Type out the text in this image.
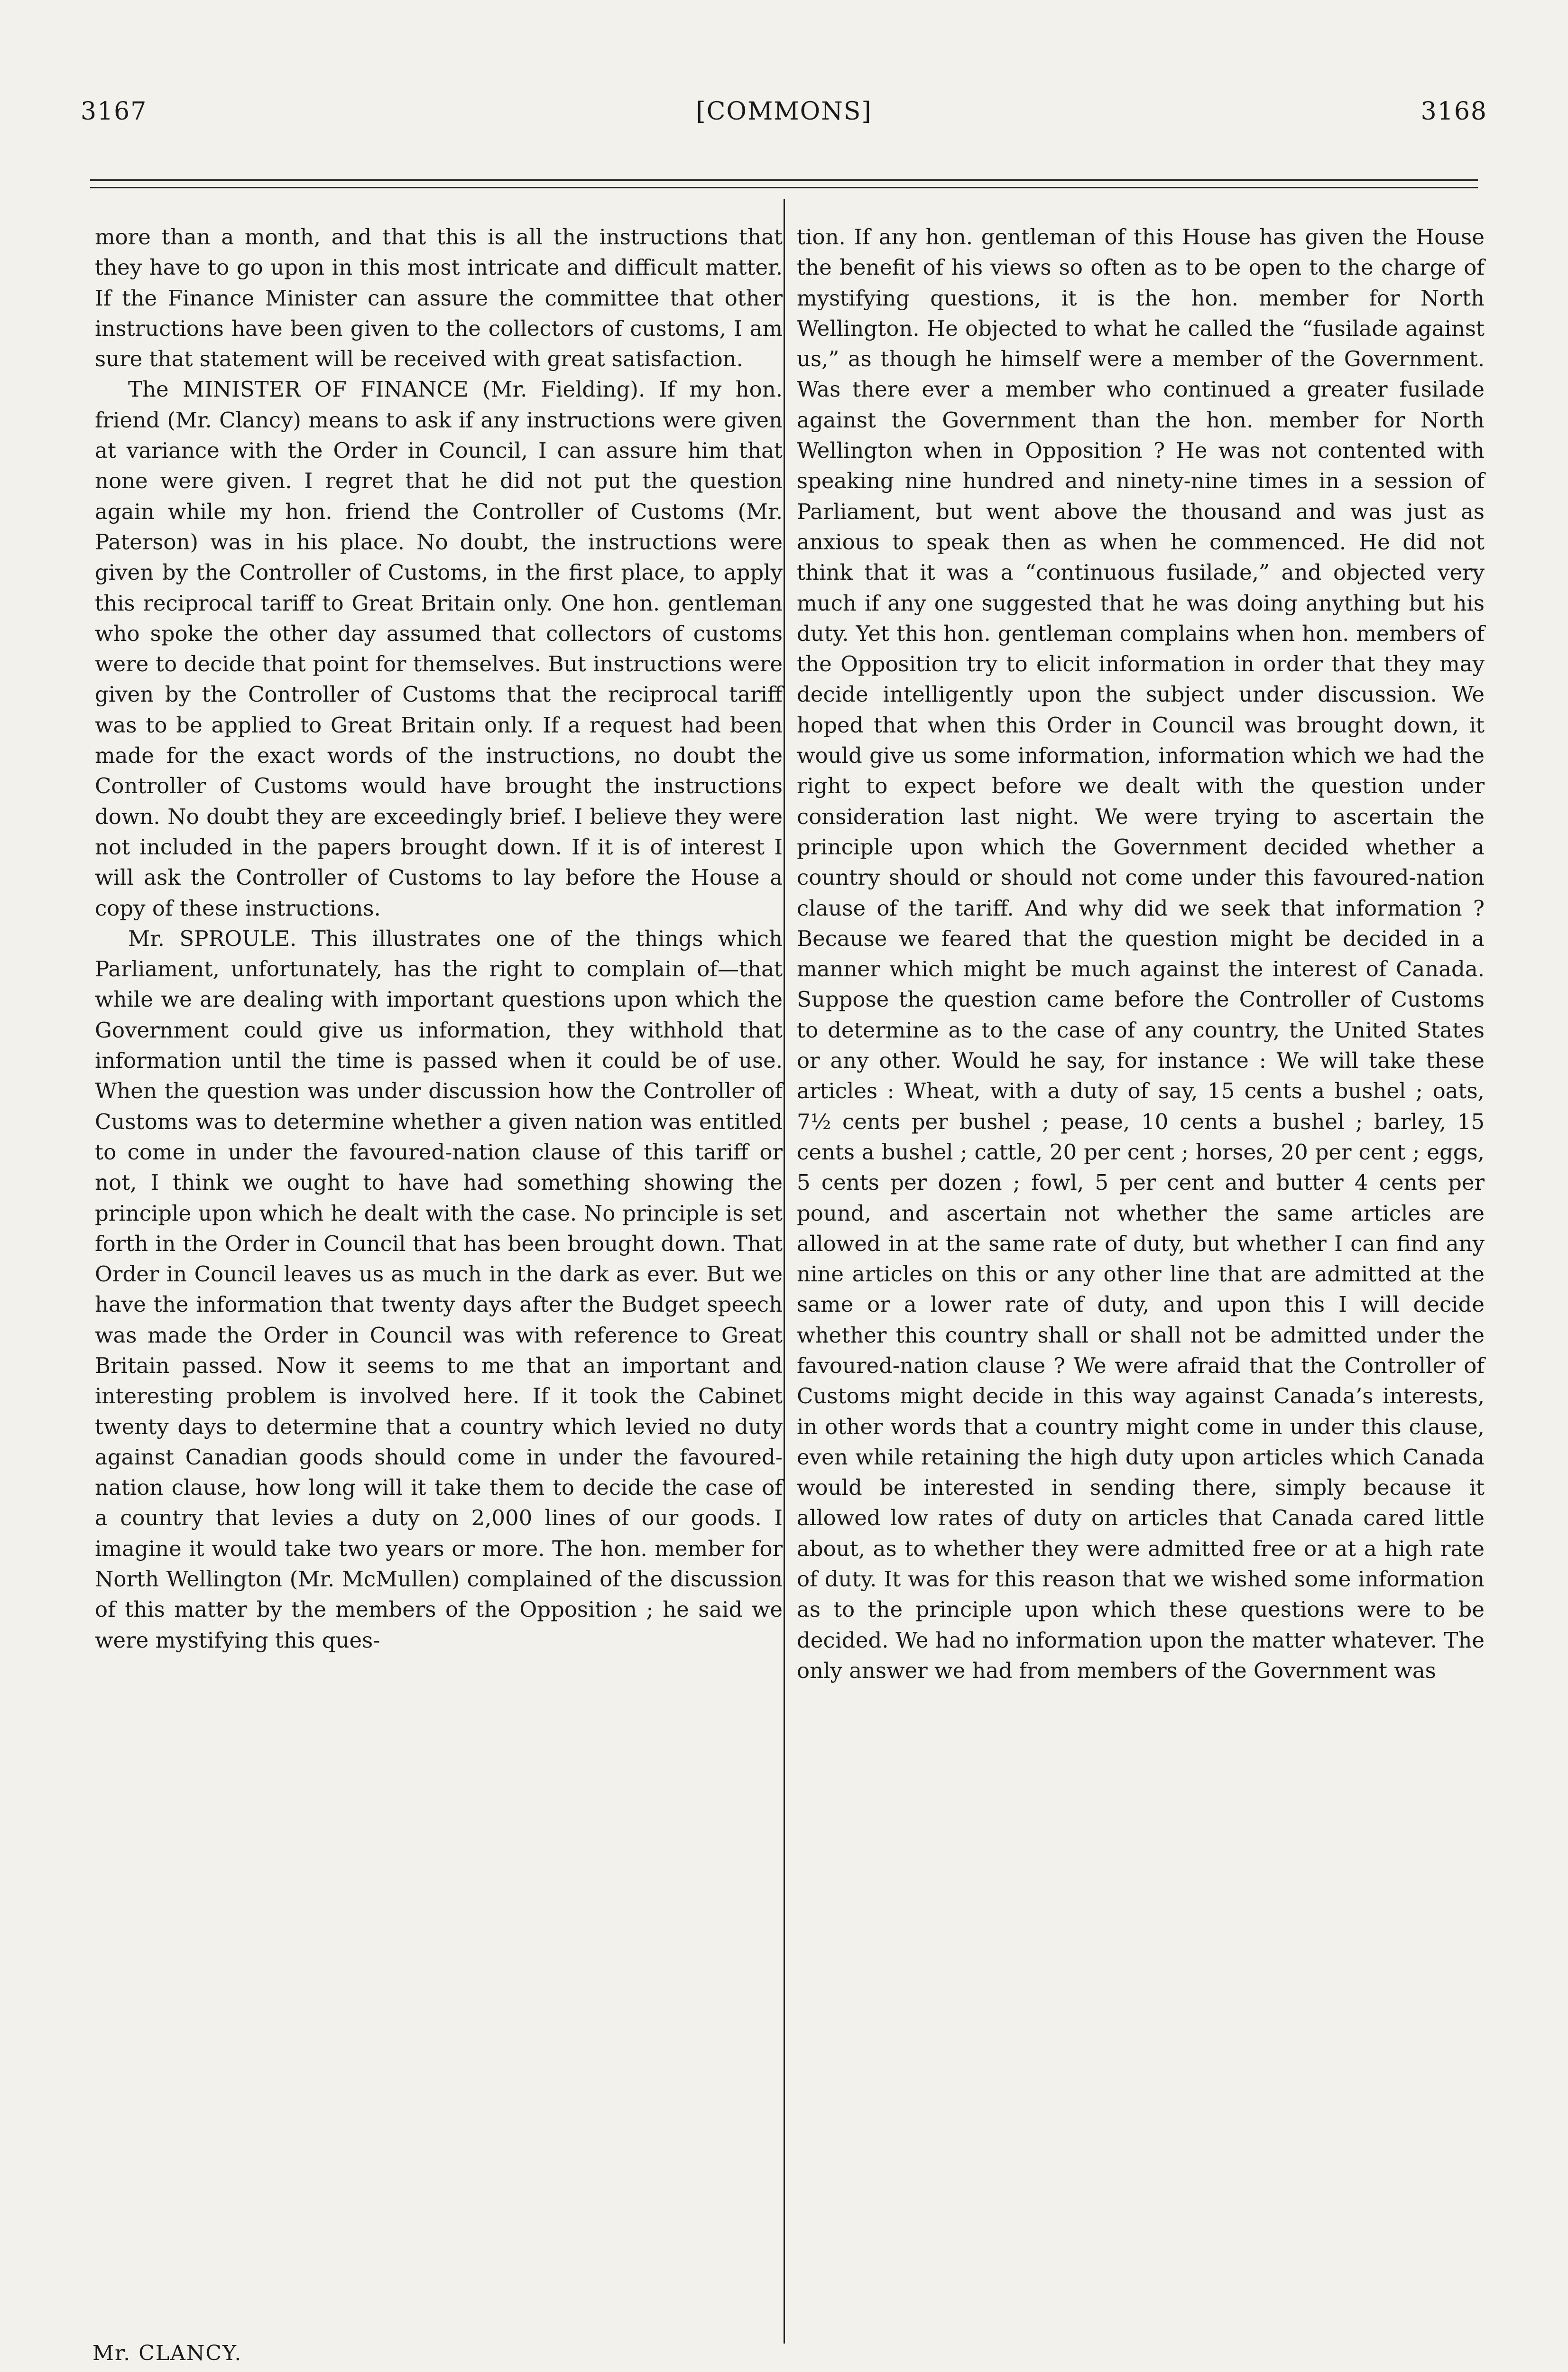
3167	[COMMONS]	3168

more than a month, and that this is all the instructions that they have to go upon in this most intricate and difficult matter. If the Finance Minister can assure the committee that other instructions have been given to the collectors of customs, I am sure that statement will be received with great satisfaction.

The MINISTER OF FINANCE (Mr. Fielding). If my hon. friend (Mr. Clancy) means to ask if any instructions were given at variance with the Order in Council, I can assure him that none were given. I regret that he did not put the question again while my hon. friend the Controller of Customs (Mr. Paterson) was in his place. No doubt, the instructions were given by the Controller of Customs, in the first place, to apply this reciprocal tariff to Great Britain only. One hon. gentleman who spoke the other day assumed that collectors of customs were to decide that point for themselves. But instructions were given by the Controller of Customs that the reciprocal tariff was to be applied to Great Britain only. If a request had been made for the exact words of the instructions, no doubt the Controller of Customs would have brought the instructions down. No doubt they are exceedingly brief. I believe they were not included in the papers brought down. If it is of interest I will ask the Controller of Customs to lay before the House a copy of these instructions.

Mr. SPROULE. This illustrates one of the things which Parliament, unfortunately, has the right to complain of—that while we are dealing with important questions upon which the Government could give us information, they withhold that information until the time is passed when it could be of use. When the question was under discussion how the Controller of Customs was to determine whether a given nation was entitled to come in under the favoured-nation clause of this tariff or not, I think we ought to have had something showing the principle upon which he dealt with the case. No principle is set forth in the Order in Council that has been brought down. That Order in Council leaves us as much in the dark as ever. But we have the information that twenty days after the Budget speech was made the Order in Council was with reference to Great Britain passed. Now it seems to me that an important and interesting problem is involved here. If it took the Cabinet twenty days to determine that a country which levied no duty against Canadian goods should come in under the favoured-nation clause, how long will it take them to decide the case of a country that levies a duty on 2,000 lines of our goods. I imagine it would take two years or more. The hon. member for North Wellington (Mr. McMullen) complained of the discussion of this matter by the members of the Opposition ; he said we were mystifying this ques-

tion. If any hon. gentleman of this House has given the House the benefit of his views so often as to be open to the charge of mystifying questions, it is the hon. member for North Wellington. He objected to what he called the “fusilade against us,” as though he himself were a member of the Government. Was there ever a member who continued a greater fusilade against the Government than the hon. member for North Wellington when in Opposition ? He was not contented with speaking nine hundred and ninety-nine times in a session of Parliament, but went above the thousand and was just as anxious to speak then as when he commenced. He did not think that it was a “continuous fusilade,” and objected very much if any one suggested that he was doing anything but his duty. Yet this hon. gentleman complains when hon. members of the Opposition try to elicit information in order that they may decide intelligently upon the subject under discussion. We hoped that when this Order in Council was brought down, it would give us some information, information which we had the right to expect before we dealt with the question under consideration last night. We were trying to ascertain the principle upon which the Government decided whether a country should or should not come under this favoured-nation clause of the tariff. And why did we seek that information ? Because we feared that the question might be decided in a manner which might be much against the interest of Canada. Suppose the question came before the Controller of Customs to determine as to the case of any country, the United States or any other. Would he say, for instance : We will take these articles : Wheat, with a duty of say, 15 cents a bushel ; oats, 7½ cents per bushel ; pease, 10 cents a bushel ; barley, 15 cents a bushel ; cattle, 20 per cent ; horses, 20 per cent ; eggs, 5 cents per dozen ; fowl, 5 per cent and butter 4 cents per pound, and ascertain not whether the same articles are allowed in at the same rate of duty, but whether I can find any nine articles on this or any other line that are admitted at the same or a lower rate of duty, and upon this I will decide whether this country shall or shall not be admitted under the favoured-nation clause ? We were afraid that the Controller of Customs might decide in this way against Canada’s interests, in other words that a country might come in under this clause, even while retaining the high duty upon articles which Canada would be interested in sending there, simply because it allowed low rates of duty on articles that Canada cared little about, as to whether they were admitted free or at a high rate of duty. It was for this reason that we wished some information as to the principle upon which these questions were to be decided. We had no information upon the matter whatever. The only answer we had from members of the Government was

Mr. CLANCY.
